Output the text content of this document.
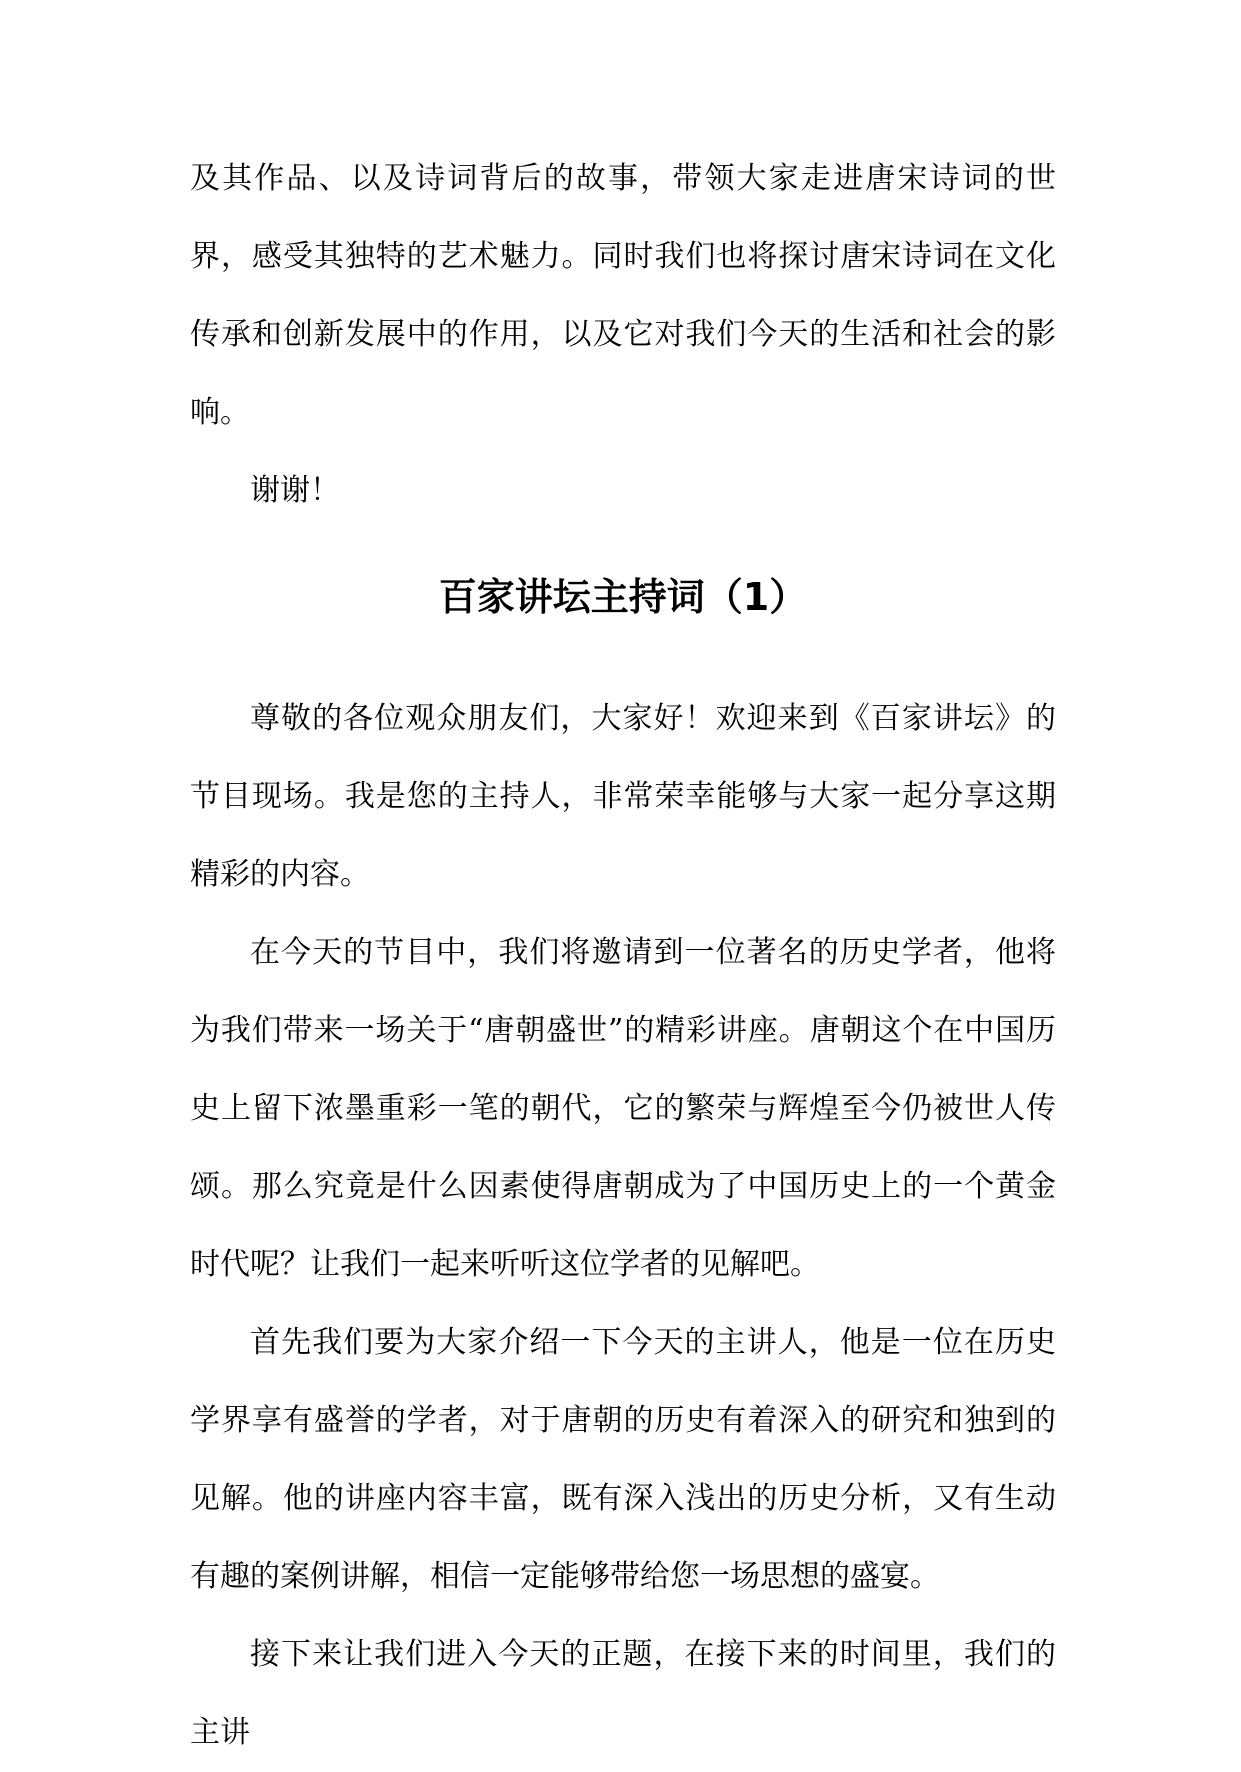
及其作品、以及诗词背后的故事，带领大家走进唐宋诗词的世界，感受其独特的艺术魅力。同时我们也将探讨唐宋诗词在文化传承和创新发展中的作用，以及它对我们今天的生活和社会的影响。

谢谢！

百家讲坛主持词（1）

尊敬的各位观众朋友们，大家好！欢迎来到《百家讲坛》的节目现场。我是您的主持人，非常荣幸能够与大家一起分享这期精彩的内容。

在今天的节目中，我们将邀请到一位著名的历史学者，他将为我们带来一场关于“唐朝盛世”的精彩讲座。唐朝这个在中国历史上留下浓墨重彩一笔的朝代，它的繁荣与辉煌至今仍被世人传颂。那么究竟是什么因素使得唐朝成为了中国历史上的一个黄金时代呢？让我们一起来听听这位学者的见解吧。

首先我们要为大家介绍一下今天的主讲人，他是一位在历史学界享有盛誉的学者，对于唐朝的历史有着深入的研究和独到的见解。他的讲座内容丰富，既有深入浅出的历史分析，又有生动有趣的案例讲解，相信一定能够带给您一场思想的盛宴。

接下来让我们进入今天的正题，在接下来的时间里，我们的主讲
